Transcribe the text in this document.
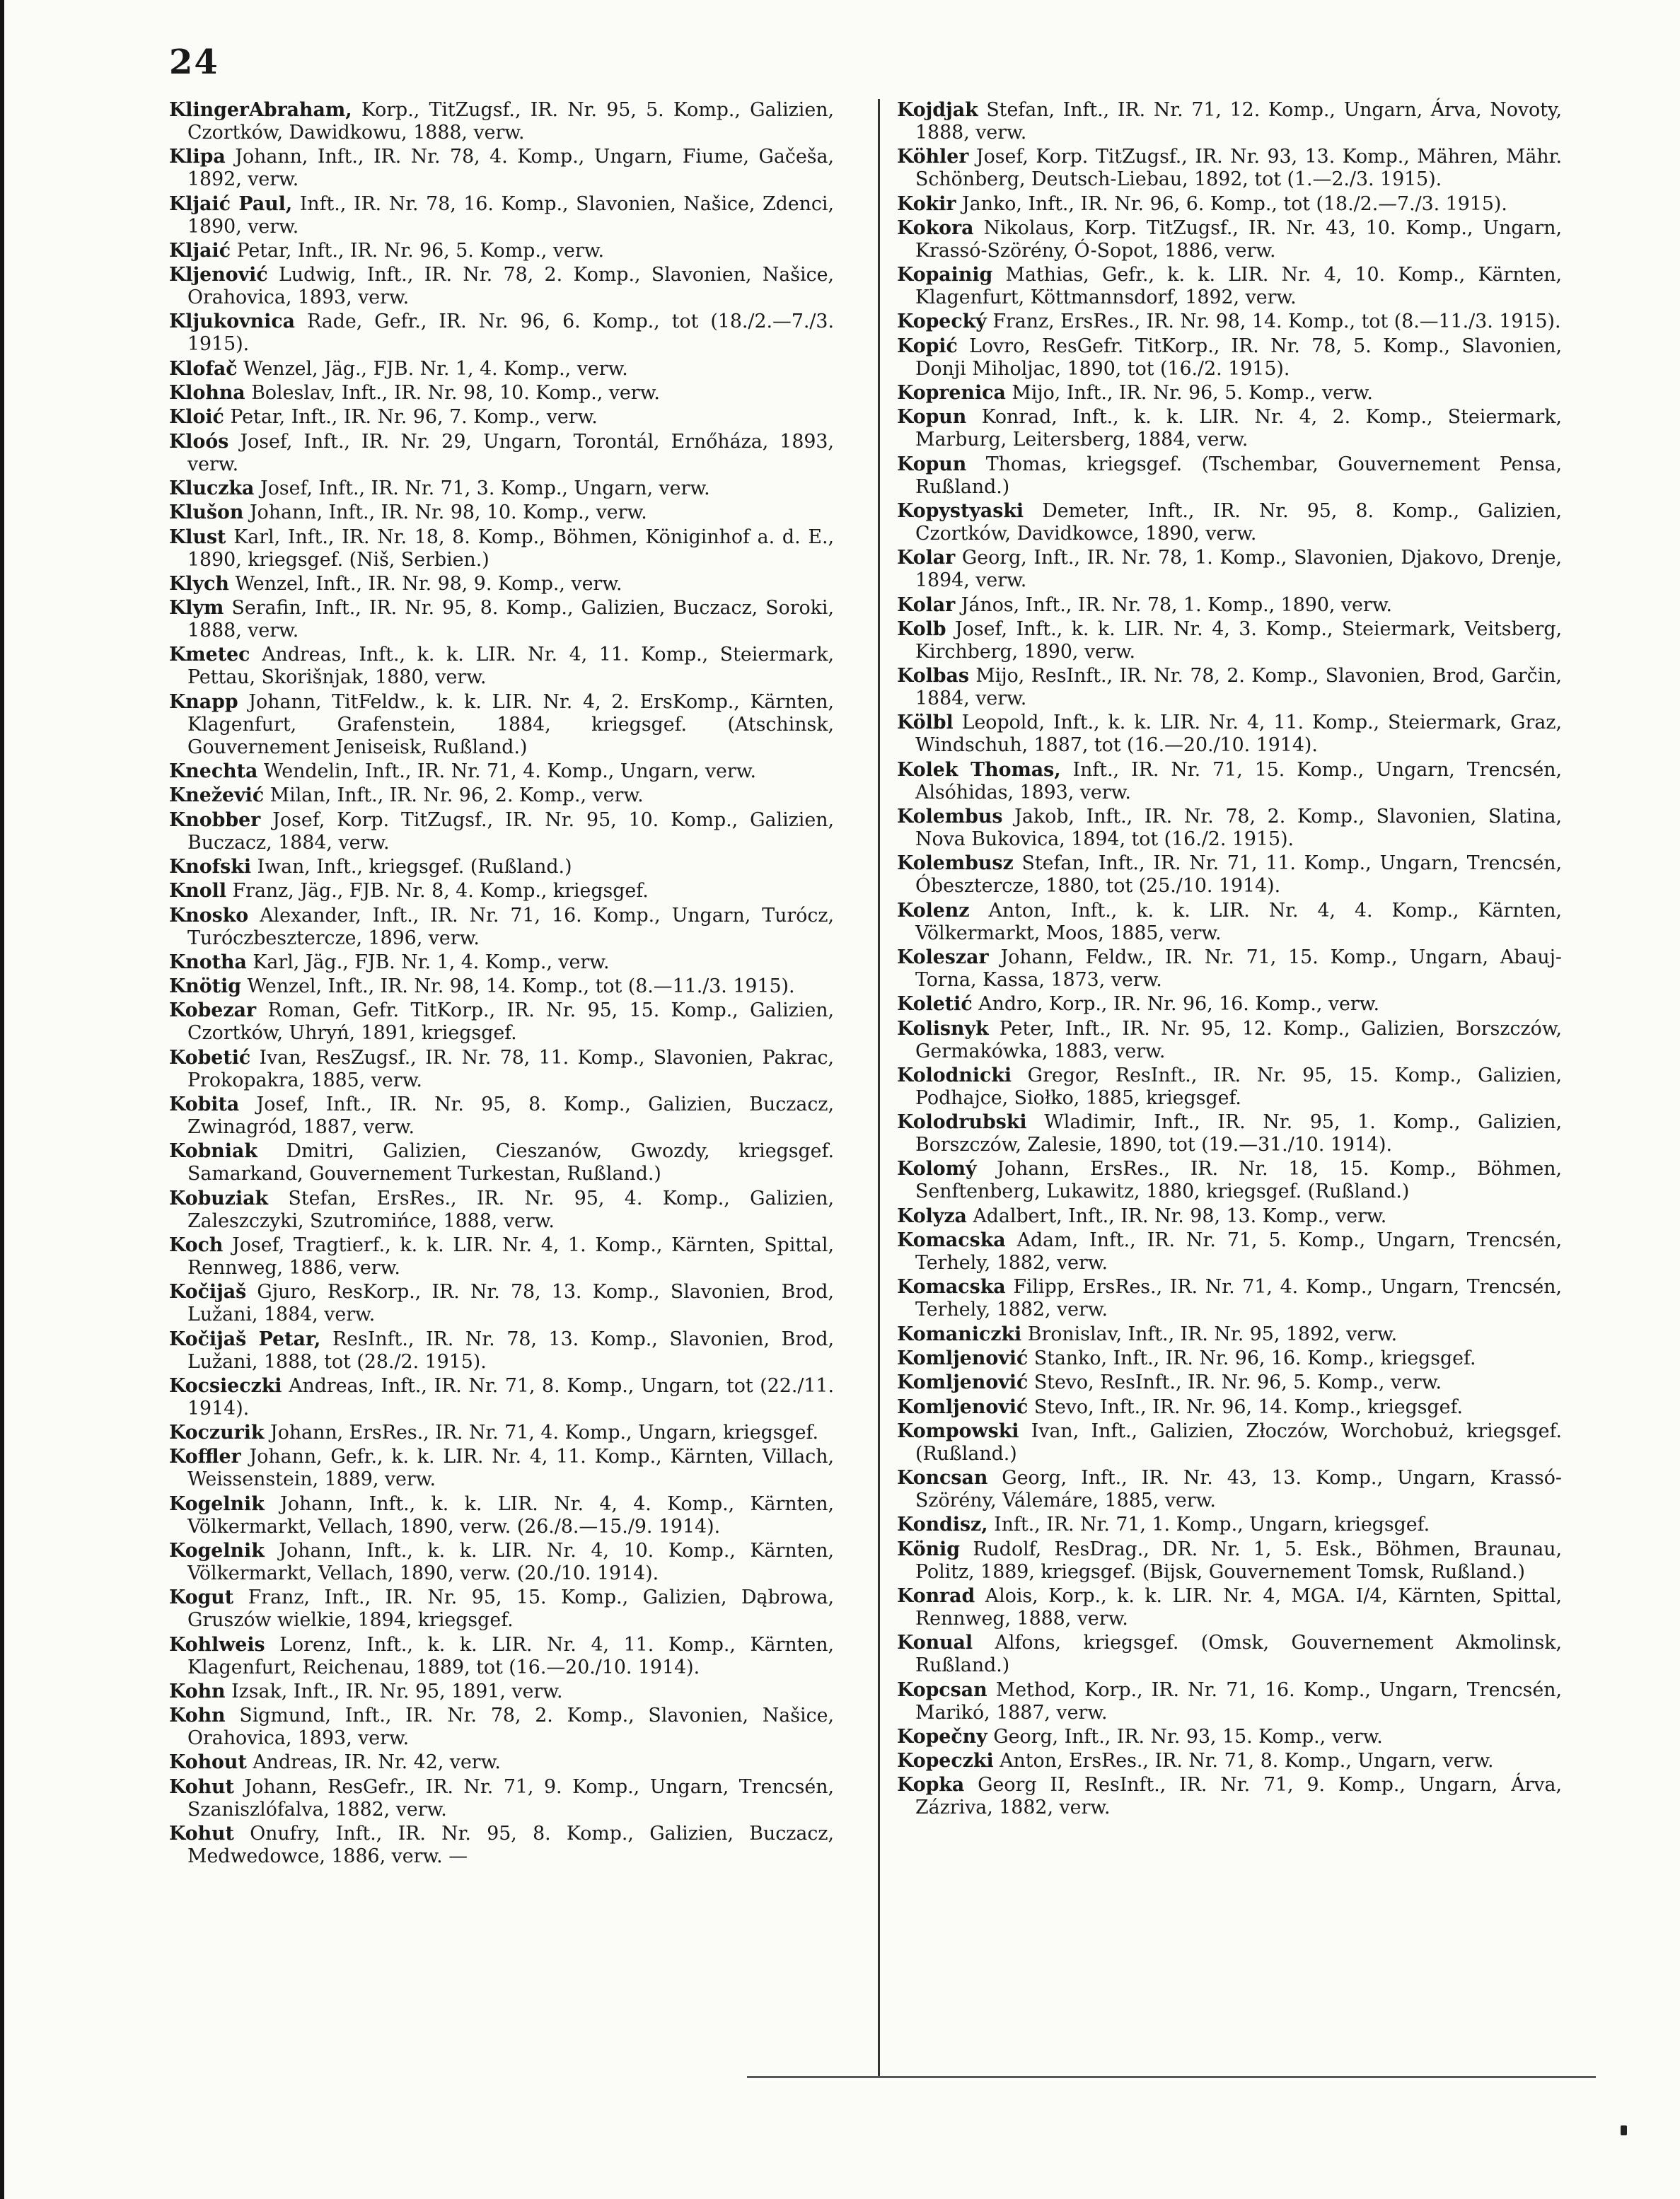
24

KlingerAbraham, Korp., TitZugsf., IR. Nr. 95, 5. Komp., Galizien, Czortków, Dawidkowu, 1888, verw.

Klipa Johann, Inft., IR. Nr. 78, 4. Komp., Ungarn, Fiume, Gačeša, 1892, verw.

Kljaić Paul, Inft., IR. Nr. 78, 16. Komp., Slavonien, Našice, Zdenci, 1890, verw.

Kljaić Petar, Inft., IR. Nr. 96, 5. Komp., verw.

Kljenović Ludwig, Inft., IR. Nr. 78, 2. Komp., Slavonien, Našice, Orahovica, 1893, verw.

Kljukovnica Rade, Gefr., IR. Nr. 96, 6. Komp., tot (18./2.—7./3. 1915).

Klofač Wenzel, Jäg., FJB. Nr. 1, 4. Komp., verw.

Klohna Boleslav, Inft., IR. Nr. 98, 10. Komp., verw.

Kloić Petar, Inft., IR. Nr. 96, 7. Komp., verw.

Kloós Josef, Inft., IR. Nr. 29, Ungarn, Torontál, Ernőháza, 1893, verw.

Kluczka Josef, Inft., IR. Nr. 71, 3. Komp., Ungarn, verw.

Klušon Johann, Inft., IR. Nr. 98, 10. Komp., verw.

Klust Karl, Inft., IR. Nr. 18, 8. Komp., Böhmen, Königinhof a. d. E., 1890, kriegsgef. (Niš, Serbien.)

Klych Wenzel, Inft., IR. Nr. 98, 9. Komp., verw.

Klym Serafin, Inft., IR. Nr. 95, 8. Komp., Galizien, Buczacz, Soroki, 1888, verw.

Kmetec Andreas, Inft., k. k. LIR. Nr. 4, 11. Komp., Steiermark, Pettau, Skorišnjak, 1880, verw.

Knapp Johann, TitFeldw., k. k. LIR. Nr. 4, 2. ErsKomp., Kärnten, Klagenfurt, Grafenstein, 1884, kriegsgef. (Atschinsk, Gouvernement Jeniseisk, Rußland.)

Knechta Wendelin, Inft., IR. Nr. 71, 4. Komp., Ungarn, verw.

Knežević Milan, Inft., IR. Nr. 96, 2. Komp., verw.

Knobber Josef, Korp. TitZugsf., IR. Nr. 95, 10. Komp., Galizien, Buczacz, 1884, verw.

Knofski Iwan, Inft., kriegsgef. (Rußland.)

Knoll Franz, Jäg., FJB. Nr. 8, 4. Komp., kriegsgef.

Knosko Alexander, Inft., IR. Nr. 71, 16. Komp., Ungarn, Turócz, Turóczbesztercze, 1896, verw.

Knotha Karl, Jäg., FJB. Nr. 1, 4. Komp., verw.

Knötig Wenzel, Inft., IR. Nr. 98, 14. Komp., tot (8.—11./3. 1915).

Kobezar Roman, Gefr. TitKorp., IR. Nr. 95, 15. Komp., Galizien, Czortków, Uhryń, 1891, kriegsgef.

Kobetić Ivan, ResZugsf., IR. Nr. 78, 11. Komp., Slavonien, Pakrac, Prokopakra, 1885, verw.

Kobita Josef, Inft., IR. Nr. 95, 8. Komp., Galizien, Buczacz, Zwinagród, 1887, verw.

Kobniak Dmitri, Galizien, Cieszanów, Gwozdy, kriegsgef. Samarkand, Gouvernement Turkestan, Rußland.)

Kobuziak Stefan, ErsRes., IR. Nr. 95, 4. Komp., Galizien, Zaleszczyki, Szutromińce, 1888, verw.

Koch Josef, Tragtierf., k. k. LIR. Nr. 4, 1. Komp., Kärnten, Spittal, Rennweg, 1886, verw.

Kočijaš Gjuro, ResKorp., IR. Nr. 78, 13. Komp., Slavonien, Brod, Lužani, 1884, verw.

Kočijaš Petar, ResInft., IR. Nr. 78, 13. Komp., Slavonien, Brod, Lužani, 1888, tot (28./2. 1915).

Kocsieczki Andreas, Inft., IR. Nr. 71, 8. Komp., Ungarn, tot (22./11. 1914).

Koczurik Johann, ErsRes., IR. Nr. 71, 4. Komp., Ungarn, kriegsgef.

Koffler Johann, Gefr., k. k. LIR. Nr. 4, 11. Komp., Kärnten, Villach, Weissenstein, 1889, verw.

Kogelnik Johann, Inft., k. k. LIR. Nr. 4, 4. Komp., Kärnten, Völkermarkt, Vellach, 1890, verw. (26./8.—15./9. 1914).

Kogelnik Johann, Inft., k. k. LIR. Nr. 4, 10. Komp., Kärnten, Völkermarkt, Vellach, 1890, verw. (20./10. 1914).

Kogut Franz, Inft., IR. Nr. 95, 15. Komp., Galizien, Dąbrowa, Gruszów wielkie, 1894, kriegsgef.

Kohlweis Lorenz, Inft., k. k. LIR. Nr. 4, 11. Komp., Kärnten, Klagenfurt, Reichenau, 1889, tot (16.—20./10. 1914).

Kohn Izsak, Inft., IR. Nr. 95, 1891, verw.

Kohn Sigmund, Inft., IR. Nr. 78, 2. Komp., Slavonien, Našice, Orahovica, 1893, verw.

Kohout Andreas, IR. Nr. 42, verw.

Kohut Johann, ResGefr., IR. Nr. 71, 9. Komp., Ungarn, Trencsén, Szaniszlófalva, 1882, verw.

Kohut Onufry, Inft., IR. Nr. 95, 8. Komp., Galizien, Buczacz, Medwedowce, 1886, verw. —

Kojdjak Stefan, Inft., IR. Nr. 71, 12. Komp., Ungarn, Árva, Novoty, 1888, verw.

Köhler Josef, Korp. TitZugsf., IR. Nr. 93, 13. Komp., Mähren, Mähr. Schönberg, Deutsch-Liebau, 1892, tot (1.—2./3. 1915).

Kokir Janko, Inft., IR. Nr. 96, 6. Komp., tot (18./2.—7./3. 1915).

Kokora Nikolaus, Korp. TitZugsf., IR. Nr. 43, 10. Komp., Ungarn, Krassó-Szörény, Ó-Sopot, 1886, verw.

Kopainig Mathias, Gefr., k. k. LIR. Nr. 4, 10. Komp., Kärnten, Klagenfurt, Köttmannsdorf, 1892, verw.

Kopecký Franz, ErsRes., IR. Nr. 98, 14. Komp., tot (8.—11./3. 1915).

Kopić Lovro, ResGefr. TitKorp., IR. Nr. 78, 5. Komp., Slavonien, Donji Miholjac, 1890, tot (16./2. 1915).

Koprenica Mijo, Inft., IR. Nr. 96, 5. Komp., verw.

Kopun Konrad, Inft., k. k. LIR. Nr. 4, 2. Komp., Steiermark, Marburg, Leitersberg, 1884, verw.

Kopun Thomas, kriegsgef. (Tschembar, Gouvernement Pensa, Rußland.)

Kopystyaski Demeter, Inft., IR. Nr. 95, 8. Komp., Galizien, Czortków, Davidkowce, 1890, verw.

Kolar Georg, Inft., IR. Nr. 78, 1. Komp., Slavonien, Djakovo, Drenje, 1894, verw.

Kolar János, Inft., IR. Nr. 78, 1. Komp., 1890, verw.

Kolb Josef, Inft., k. k. LIR. Nr. 4, 3. Komp., Steiermark, Veitsberg, Kirchberg, 1890, verw.

Kolbas Mijo, ResInft., IR. Nr. 78, 2. Komp., Slavonien, Brod, Garčin, 1884, verw.

Kölbl Leopold, Inft., k. k. LIR. Nr. 4, 11. Komp., Steiermark, Graz, Windschuh, 1887, tot (16.—20./10. 1914).

Kolek Thomas, Inft., IR. Nr. 71, 15. Komp., Ungarn, Trencsén, Alsóhidas, 1893, verw.

Kolembus Jakob, Inft., IR. Nr. 78, 2. Komp., Slavonien, Slatina, Nova Bukovica, 1894, tot (16./2. 1915).

Kolembusz Stefan, Inft., IR. Nr. 71, 11. Komp., Ungarn, Trencsén, Óbesztercze, 1880, tot (25./10. 1914).

Kolenz Anton, Inft., k. k. LIR. Nr. 4, 4. Komp., Kärnten, Völkermarkt, Moos, 1885, verw.

Koleszar Johann, Feldw., IR. Nr. 71, 15. Komp., Ungarn, Abauj-Torna, Kassa, 1873, verw.

Koletić Andro, Korp., IR. Nr. 96, 16. Komp., verw.

Kolisnyk Peter, Inft., IR. Nr. 95, 12. Komp., Galizien, Borszczów, Germakówka, 1883, verw.

Kolodnicki Gregor, ResInft., IR. Nr. 95, 15. Komp., Galizien, Podhajce, Siołko, 1885, kriegsgef.

Kolodrubski Wladimir, Inft., IR. Nr. 95, 1. Komp., Galizien, Borszczów, Zalesie, 1890, tot (19.—31./10. 1914).

Kolomý Johann, ErsRes., IR. Nr. 18, 15. Komp., Böhmen, Senftenberg, Lukawitz, 1880, kriegsgef. (Rußland.)

Kolyza Adalbert, Inft., IR. Nr. 98, 13. Komp., verw.

Komacska Adam, Inft., IR. Nr. 71, 5. Komp., Ungarn, Trencsén, Terhely, 1882, verw.

Komacska Filipp, ErsRes., IR. Nr. 71, 4. Komp., Ungarn, Trencsén, Terhely, 1882, verw.

Komaniczki Bronislav, Inft., IR. Nr. 95, 1892, verw.

Komljenović Stanko, Inft., IR. Nr. 96, 16. Komp., kriegsgef.

Komljenović Stevo, ResInft., IR. Nr. 96, 5. Komp., verw.

Komljenović Stevo, Inft., IR. Nr. 96, 14. Komp., kriegsgef.

Kompowski Ivan, Inft., Galizien, Złoczów, Worchobuż, kriegsgef. (Rußland.)

Koncsan Georg, Inft., IR. Nr. 43, 13. Komp., Ungarn, Krassó-Szörény, Válemáre, 1885, verw.

Kondisz, Inft., IR. Nr. 71, 1. Komp., Ungarn, kriegsgef.

König Rudolf, ResDrag., DR. Nr. 1, 5. Esk., Böhmen, Braunau, Politz, 1889, kriegsgef. (Bijsk, Gouvernement Tomsk, Rußland.)

Konrad Alois, Korp., k. k. LIR. Nr. 4, MGA. I/4, Kärnten, Spittal, Rennweg, 1888, verw.

Konual Alfons, kriegsgef. (Omsk, Gouvernement Akmolinsk, Rußland.)

Kopcsan Method, Korp., IR. Nr. 71, 16. Komp., Ungarn, Trencsén, Marikó, 1887, verw.

Kopečny Georg, Inft., IR. Nr. 93, 15. Komp., verw.

Kopeczki Anton, ErsRes., IR. Nr. 71, 8. Komp., Ungarn, verw.

Kopka Georg II, ResInft., IR. Nr. 71, 9. Komp., Ungarn, Árva, Zázriva, 1882, verw.
